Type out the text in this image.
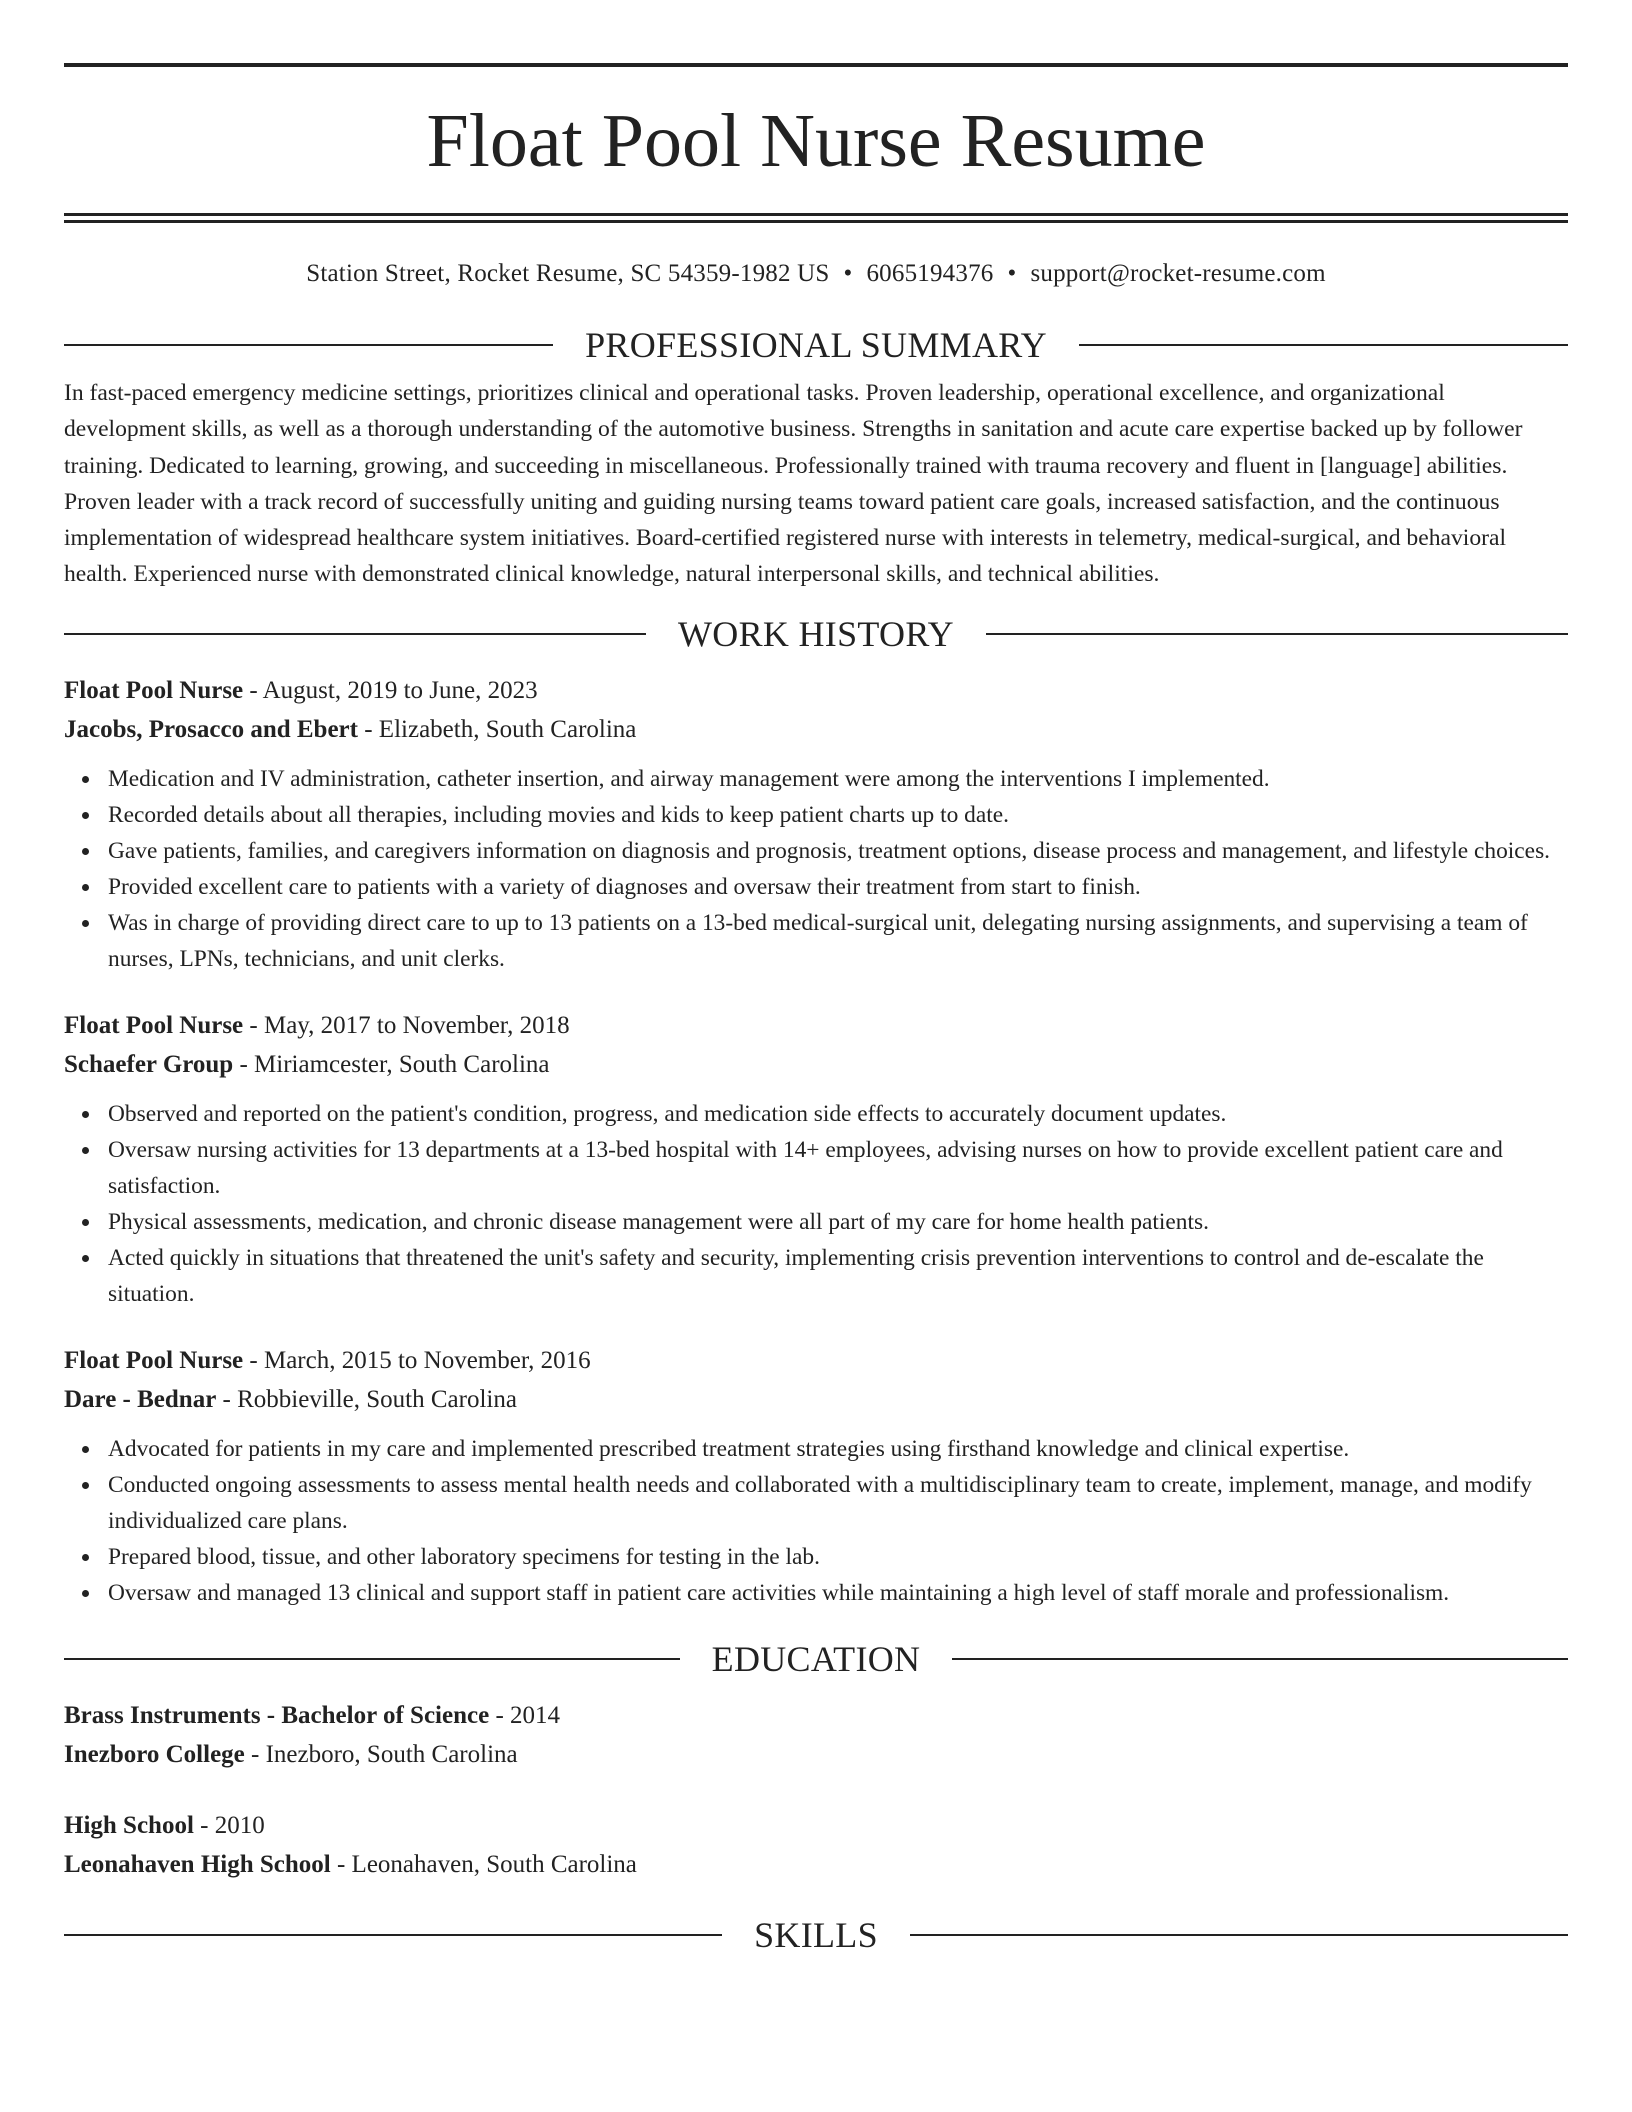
Float Pool Nurse Resume
Station Street, Rocket Resume, SC 54359-1982 US • 6065194376 • support@rocket-resume.com
PROFESSIONAL SUMMARY

In fast-paced emergency medicine settings, prioritizes clinical and operational tasks. Proven leadership, operational excellence, and organizational development skills, as well as a thorough understanding of the automotive business. Strengths in sanitation and acute care expertise backed up by follower training. Dedicated to learning, growing, and succeeding in miscellaneous. Professionally trained with trauma recovery and fluent in [language] abilities. Proven leader with a track record of successfully uniting and guiding nursing teams toward patient care goals, increased satisfaction, and the continuous implementation of widespread healthcare system initiatives. Board-certified registered nurse with interests in telemetry, medical-surgical, and behavioral health. Experienced nurse with demonstrated clinical knowledge, natural interpersonal skills, and technical abilities.

WORK HISTORY
Float Pool Nurse - August, 2019 to June, 2023
Jacobs, Prosacco and Ebert - Elizabeth, South Carolina
Medication and IV administration, catheter insertion, and airway management were among the interventions I implemented.
Recorded details about all therapies, including movies and kids to keep patient charts up to date.
Gave patients, families, and caregivers information on diagnosis and prognosis, treatment options, disease process and management, and lifestyle choices.
Provided excellent care to patients with a variety of diagnoses and oversaw their treatment from start to finish.
Was in charge of providing direct care to up to 13 patients on a 13-bed medical-surgical unit, delegating nursing assignments, and supervising a team of nurses, LPNs, technicians, and unit clerks.
Float Pool Nurse - May, 2017 to November, 2018
Schaefer Group - Miriamcester, South Carolina
Observed and reported on the patient's condition, progress, and medication side effects to accurately document updates.
Oversaw nursing activities for 13 departments at a 13-bed hospital with 14+ employees, advising nurses on how to provide excellent patient care and satisfaction.
Physical assessments, medication, and chronic disease management were all part of my care for home health patients.
Acted quickly in situations that threatened the unit's safety and security, implementing crisis prevention interventions to control and de-escalate the situation.
Float Pool Nurse - March, 2015 to November, 2016
Dare - Bednar - Robbieville, South Carolina
Advocated for patients in my care and implemented prescribed treatment strategies using firsthand knowledge and clinical expertise.
Conducted ongoing assessments to assess mental health needs and collaborated with a multidisciplinary team to create, implement, manage, and modify individualized care plans.
Prepared blood, tissue, and other laboratory specimens for testing in the lab.
Oversaw and managed 13 clinical and support staff in patient care activities while maintaining a high level of staff morale and professionalism.
EDUCATION
Brass Instruments - Bachelor of Science - 2014
Inezboro College - Inezboro, South Carolina
High School - 2010
Leonahaven High School - Leonahaven, South Carolina
SKILLS
